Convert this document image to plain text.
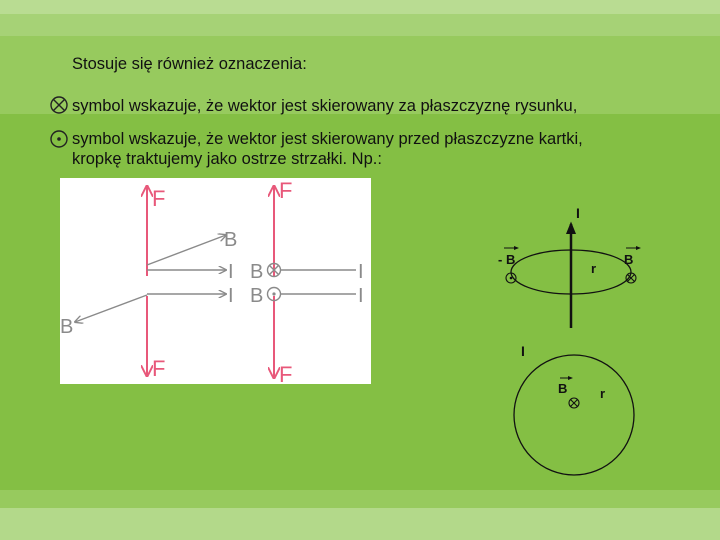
Stosuje się również oznaczenia:
symbol wskazuje, że wektor jest skierowany za płaszczyznę rysunku,
symbol wskazuje, że wektor jest skierowany przed płaszczyzne kartki,
kropkę traktujemy jako ostrze strzałki. Np.:
F
F
B
B
I
I
F
F
B	I
B	I
I
- B	B
r
I
B	r
